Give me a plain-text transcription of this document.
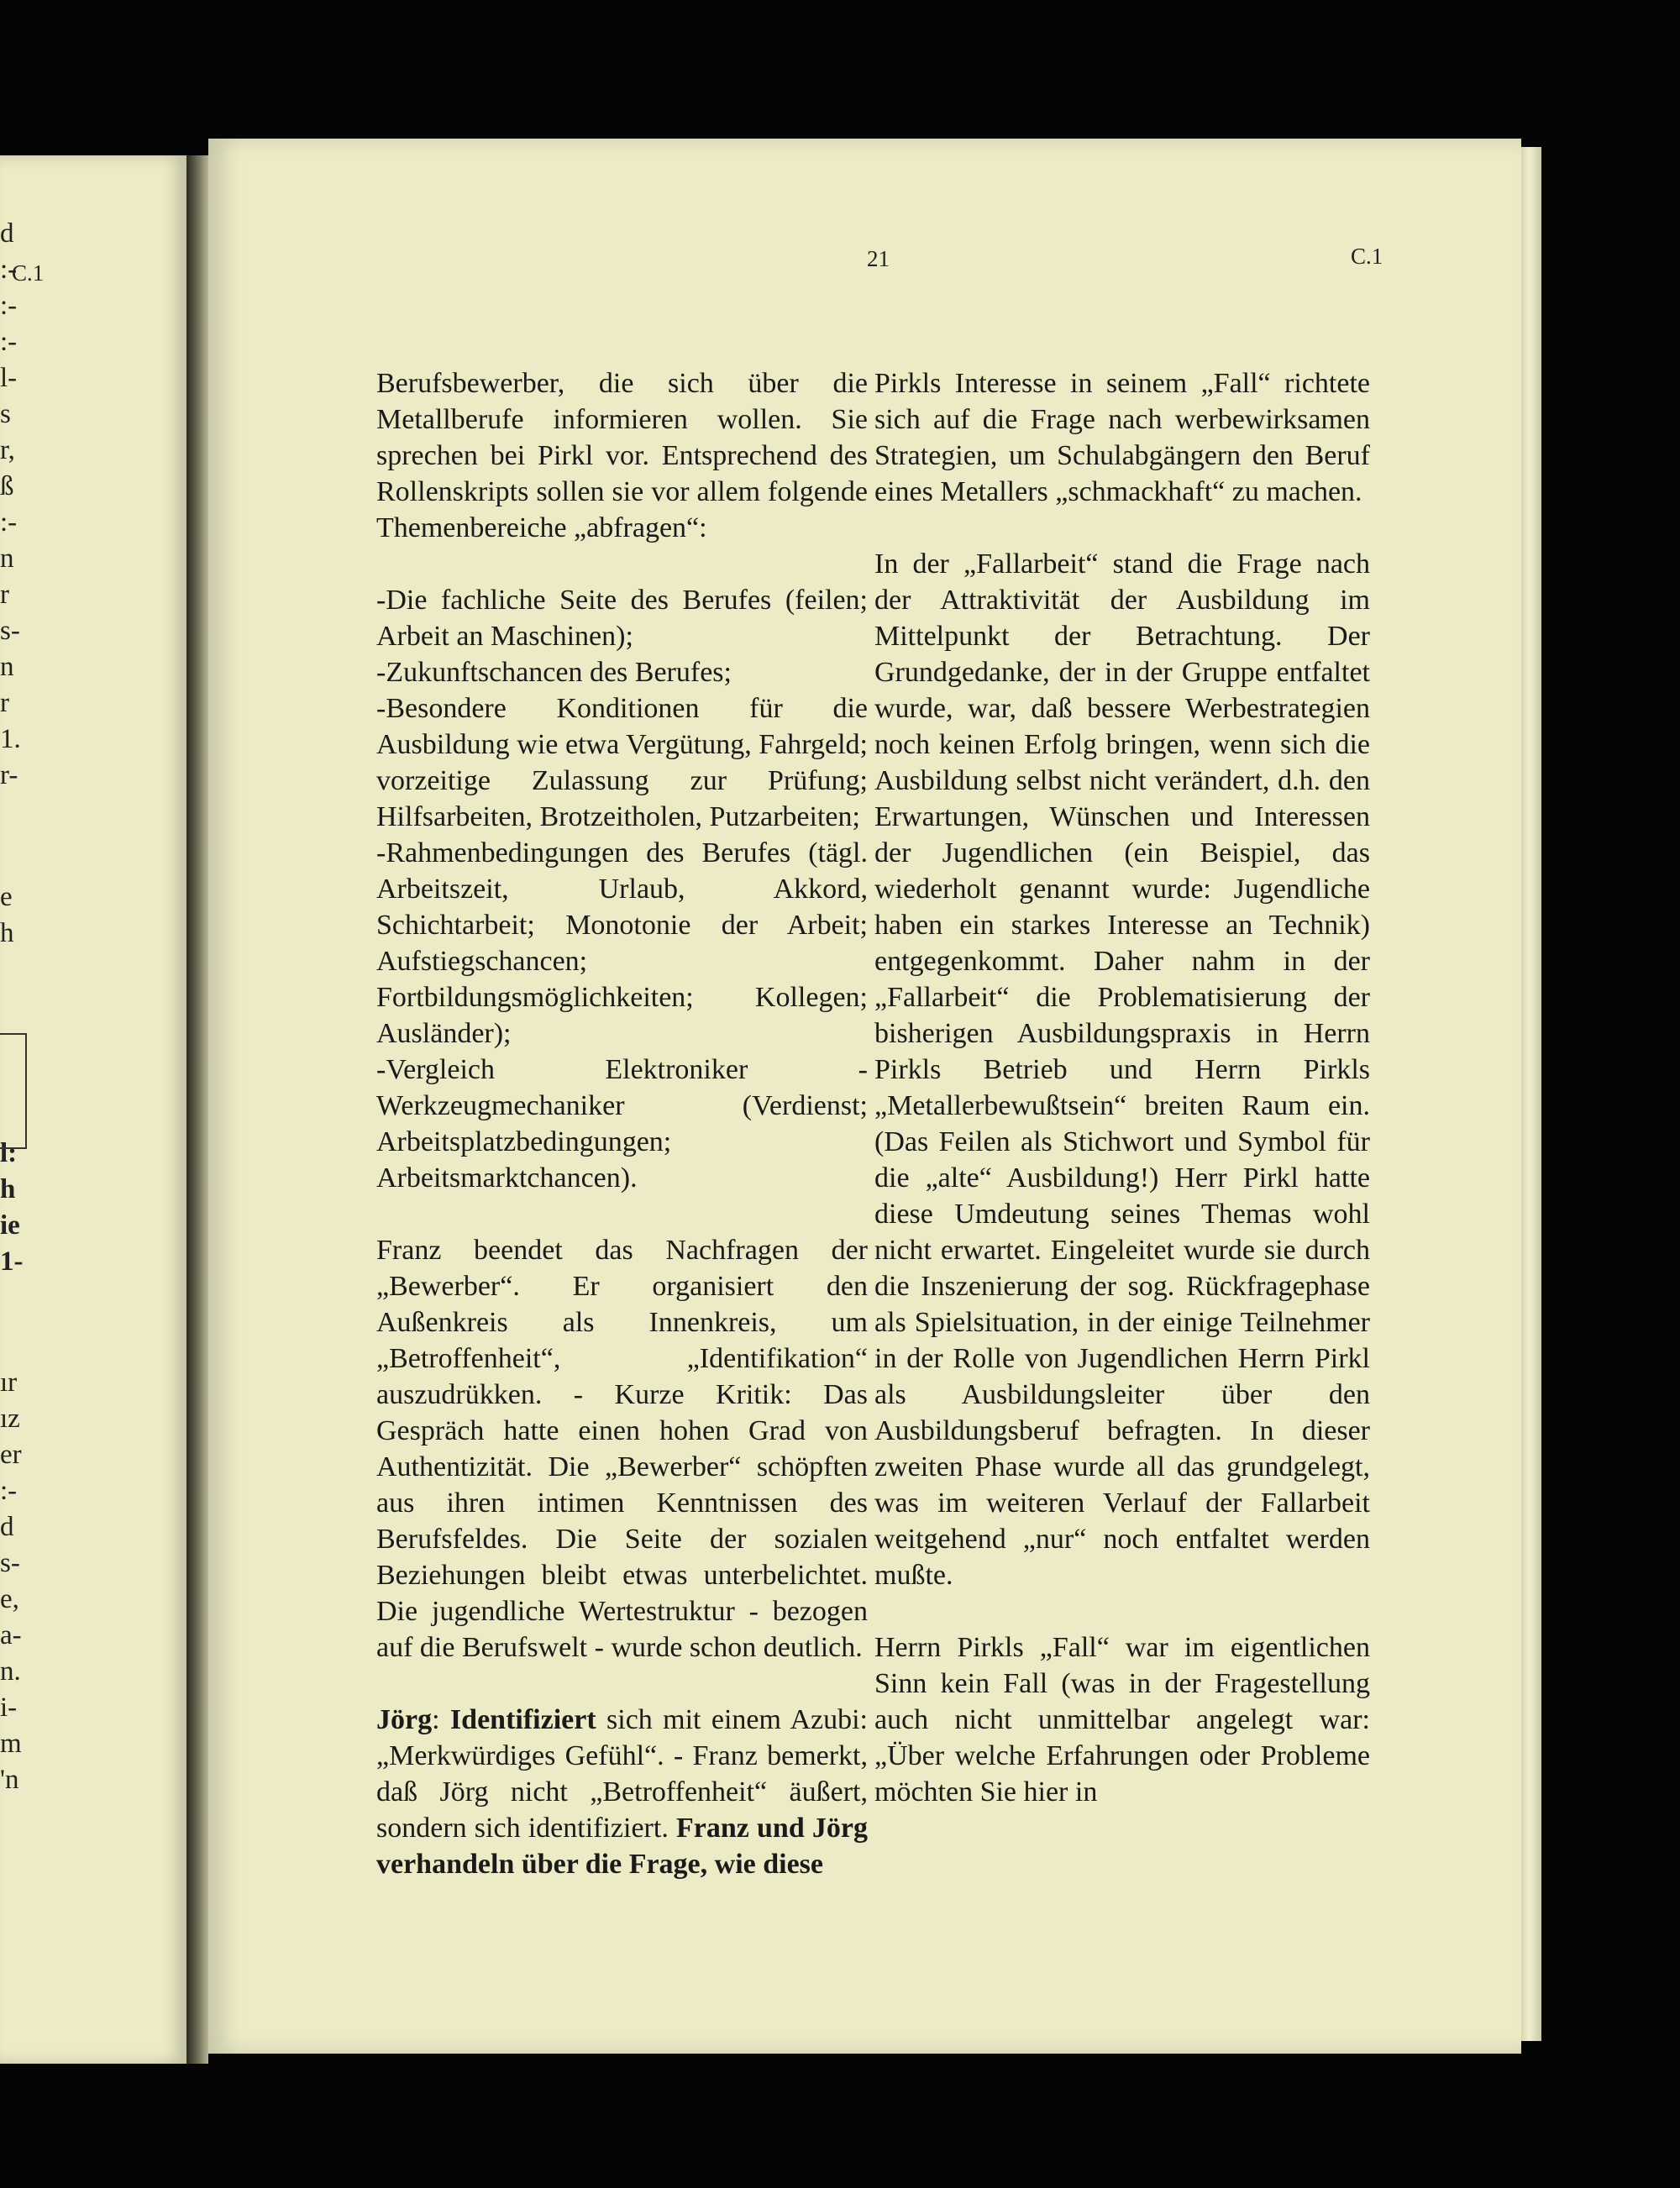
C.1
d
:-
:-
:-
l-
s
r,
ß
:-
n
r
s-
n
r
1.
r-
e
h
l:
h
ie
1-
ır
ız
er
:-
d
s-
e,
a-
n.
i-
m
'n
21	C.1

Berufsbewerber, die sich über die Metallberufe informieren wollen. Sie sprechen bei Pirkl vor. Entsprechend des Rollenskripts sollen sie vor allem folgende Themenbereiche „abfragen“:

-Die fachliche Seite des Berufes (feilen; Arbeit an Maschinen);
-Zukunftschancen des Berufes;
-Besondere Konditionen für die Ausbildung wie etwa Vergütung, Fahrgeld; vorzeitige Zulassung zur Prüfung; Hilfsarbeiten, Brotzeitholen, Putzarbeiten;
-Rahmenbedingungen des Berufes (tägl. Arbeitszeit, Urlaub, Akkord, Schichtarbeit; Monotonie der Arbeit; Aufstiegschancen; Fortbildungsmöglichkeiten; Kollegen; Ausländer);
-Vergleich Elektroniker - Werkzeugmechaniker (Verdienst; Arbeitsplatzbedingungen; Arbeitsmarktchancen).

Franz beendet das Nachfragen der „Bewerber“. Er organisiert den Außenkreis als Innenkreis, um „Betroffenheit“, „Identifikation“ auszudrükken. - Kurze Kritik: Das Gespräch hatte einen hohen Grad von Authentizität. Die „Bewerber“ schöpften aus ihren intimen Kenntnissen des Berufsfeldes. Die Seite der sozialen Beziehungen bleibt etwas unterbelichtet. Die jugendliche Wertestruktur - bezogen auf die Berufswelt - wurde schon deutlich.

Jörg: Identifiziert sich mit einem Azubi: „Merkwürdiges Gefühl“. - Franz bemerkt, daß Jörg nicht „Betroffenheit“ äußert, sondern sich identifiziert. Franz und Jörg verhandeln über die Frage, wie diese

Pirkls Interesse in seinem „Fall“ richtete sich auf die Frage nach werbewirksamen Strategien, um Schulabgängern den Beruf eines Metallers „schmackhaft“ zu machen.

In der „Fallarbeit“ stand die Frage nach der Attraktivität der Ausbildung im Mittelpunkt der Betrachtung. Der Grundgedanke, der in der Gruppe entfaltet wurde, war, daß bessere Werbestrategien noch keinen Erfolg bringen, wenn sich die Ausbildung selbst nicht verändert, d.h. den Erwartungen, Wünschen und Interessen der Jugendlichen (ein Beispiel, das wiederholt genannt wurde: Jugendliche haben ein starkes Interesse an Technik) entgegenkommt. Daher nahm in der „Fallarbeit“ die Problematisierung der bisherigen Ausbildungspraxis in Herrn Pirkls Betrieb und Herrn Pirkls „Metallerbewußtsein“ breiten Raum ein. (Das Feilen als Stichwort und Symbol für die „alte“ Ausbildung!) Herr Pirkl hatte diese Umdeutung seines Themas wohl nicht erwartet. Eingeleitet wurde sie durch die Inszenierung der sog. Rückfragephase als Spielsituation, in der einige Teilnehmer in der Rolle von Jugendlichen Herrn Pirkl als Ausbildungsleiter über den Ausbildungsberuf befragten. In dieser zweiten Phase wurde all das grundgelegt, was im weiteren Verlauf der Fallarbeit weitgehend „nur“ noch entfaltet werden mußte.

Herrn Pirkls „Fall“ war im eigentlichen Sinn kein Fall (was in der Fragestellung auch nicht unmittelbar angelegt war: „Über welche Erfahrungen oder Probleme möchten Sie hier in
